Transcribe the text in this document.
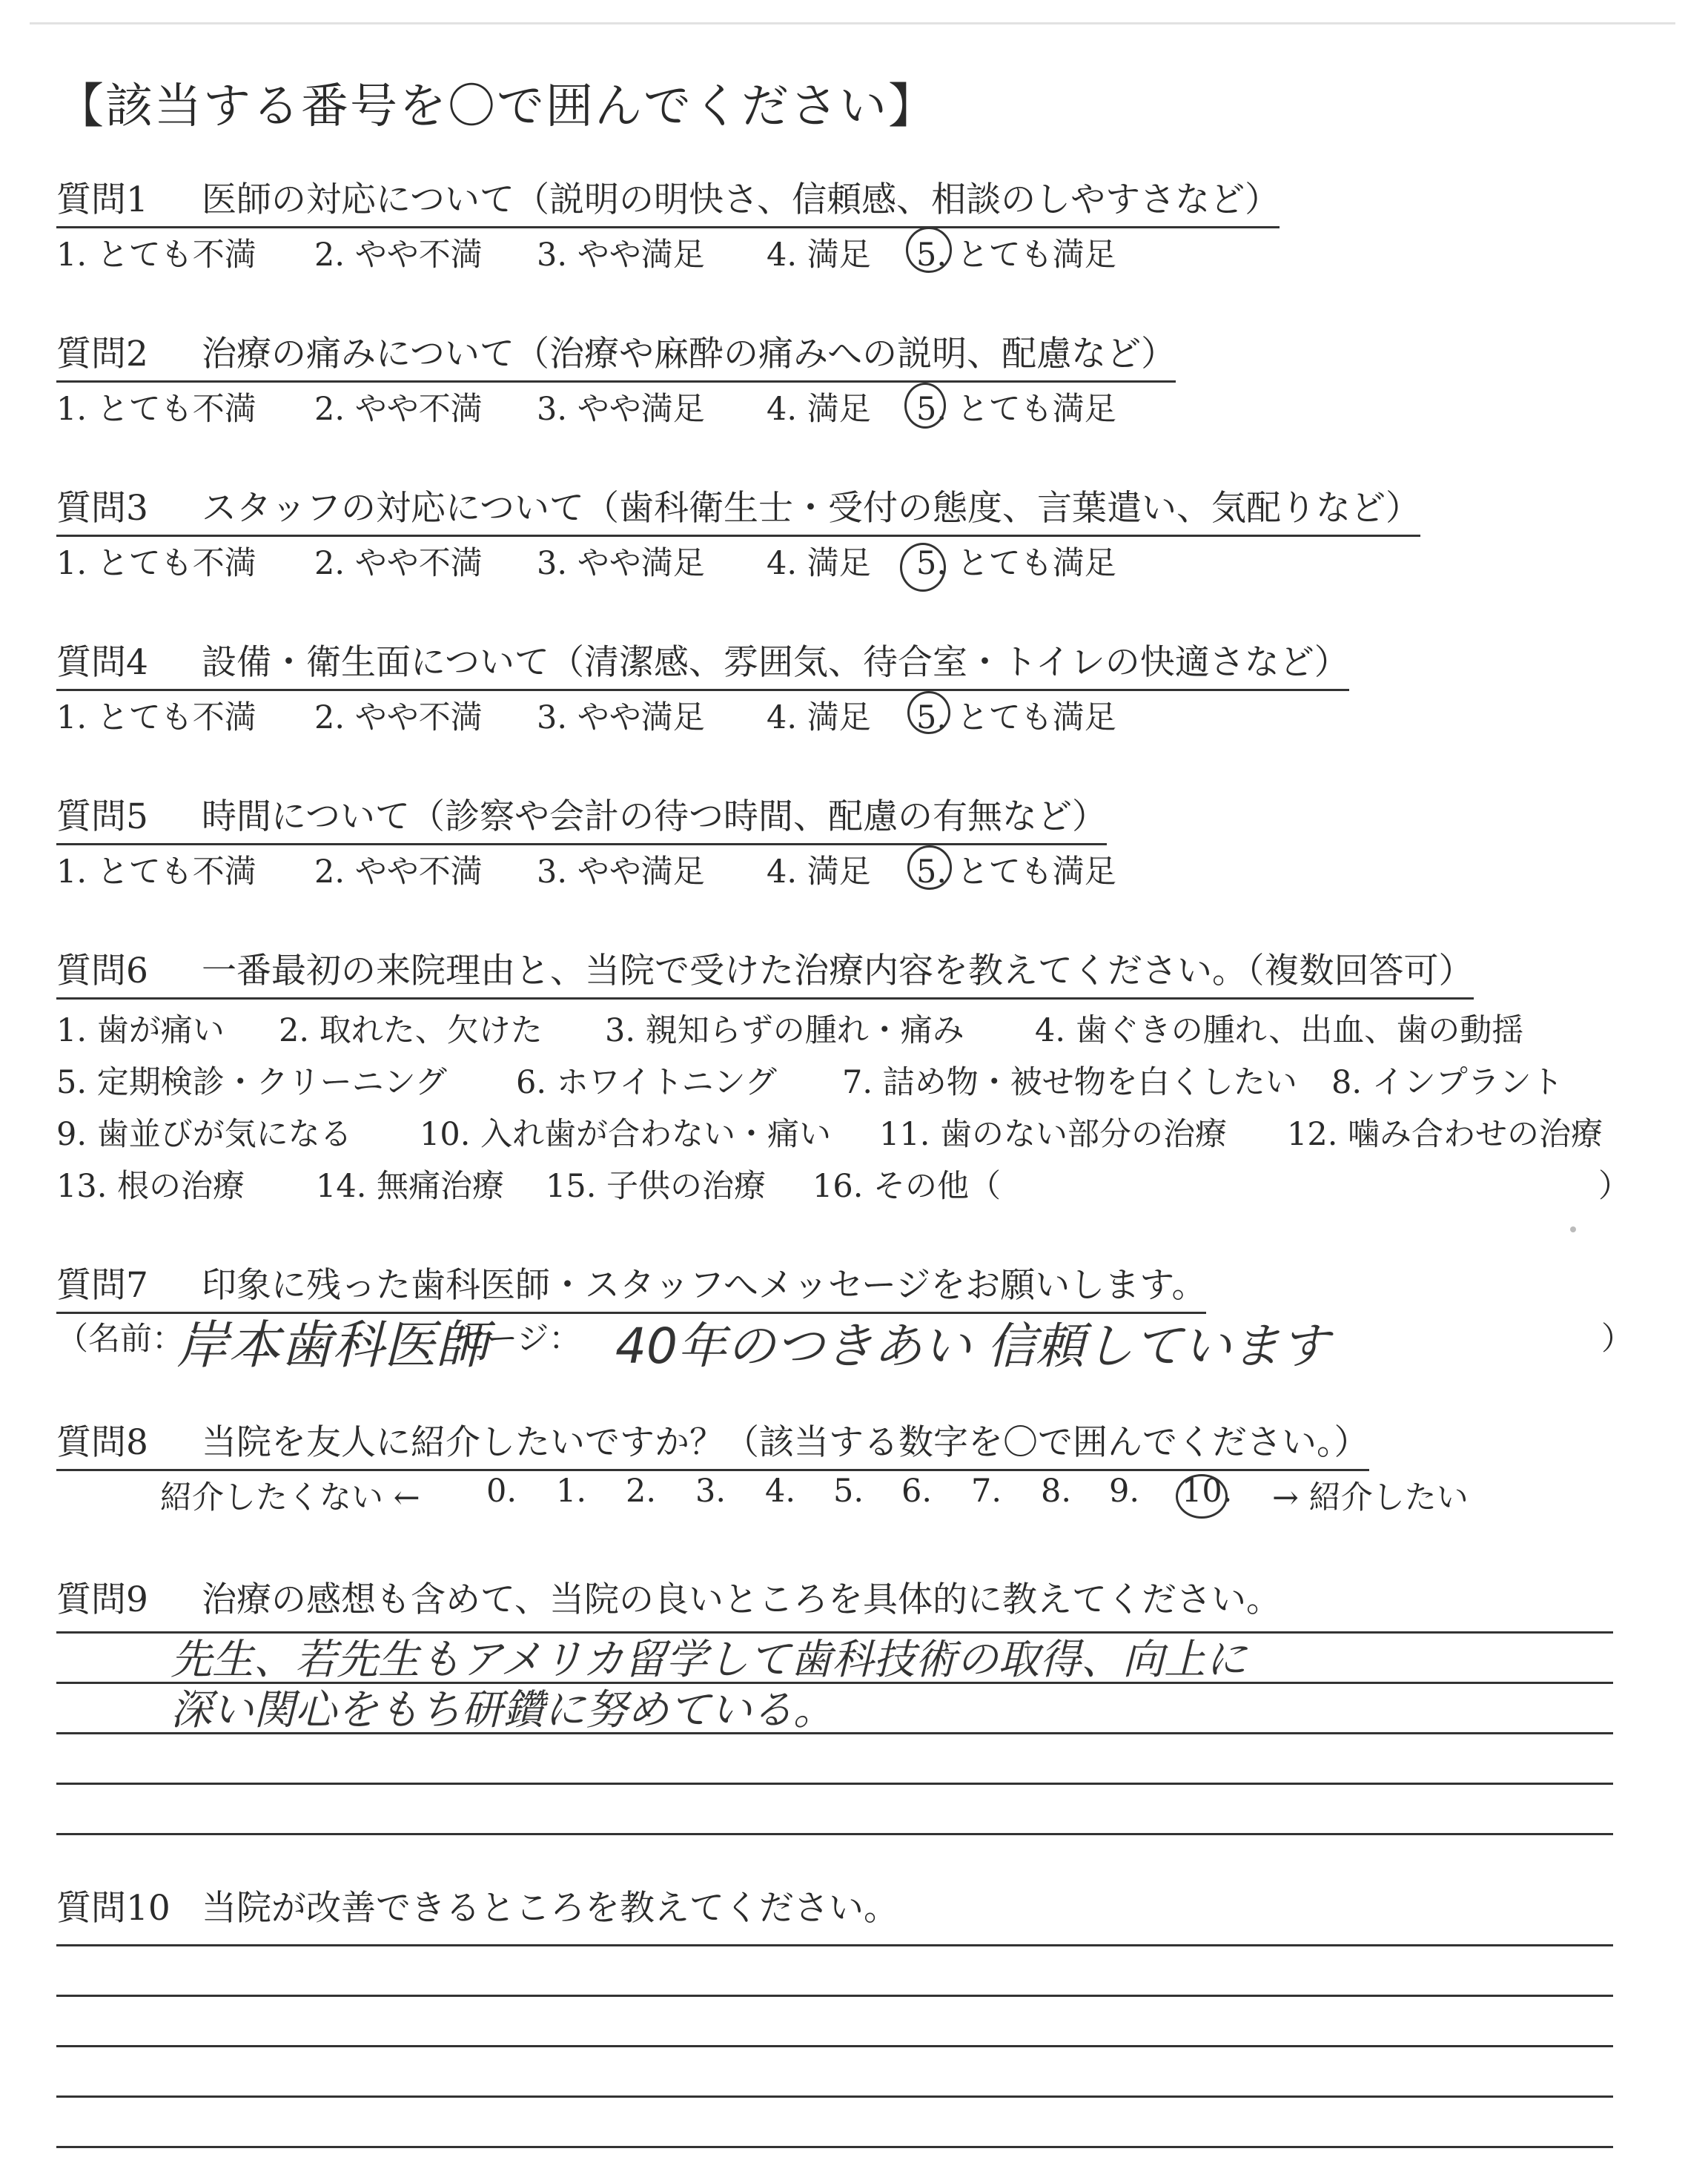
【該当する番号を〇で囲んでください】
質問1 医師の対応について（説明の明快さ、信頼感、相談のしやすさなど）
1. とても不満 2. やや不満 3. やや満足 4. 満足 5. とても満足
質問2 治療の痛みについて（治療や麻酔の痛みへの説明、配慮など）
1. とても不満 2. やや不満 3. やや満足 4. 満足 5. とても満足
質問3 スタッフの対応について（歯科衛生士・受付の態度、言葉遣い、気配りなど）
1. とても不満 2. やや不満 3. やや満足 4. 満足 5. とても満足
質問4 設備・衛生面について（清潔感、雰囲気、待合室・トイレの快適さなど）
1. とても不満 2. やや不満 3. やや満足 4. 満足 5. とても満足
質問5 時間について（診察や会計の待つ時間、配慮の有無など）
1. とても不満 2. やや不満 3. やや満足 4. 満足 5. とても満足
質問6 一番最初の来院理由と、当院で受けた治療内容を教えてください。（複数回答可）
1. 歯が痛い 2. 取れた、欠けた 3. 親知らずの腫れ・痛み 4. 歯ぐきの腫れ、出血、歯の動揺
5. 定期検診・クリーニング 6. ホワイトニング 7. 詰め物・被せ物を白くしたい 8. インプラント
9. 歯並びが気になる 10. 入れ歯が合わない・痛い 11. 歯のない部分の治療 12. 噛み合わせの治療
13. 根の治療 14. 無痛治療 15. 子供の治療 16. その他（	）
質問7 印象に残った歯科医師・スタッフへメッセージをお願いします。
（名前：
岸本歯科医師
セージ： 40年のつきあい 信頼しています	）
質問8 当院を友人に紹介したいですか？（該当する数字を〇で囲んでください。）
紹介したくない ← 0. 1. 2. 3. 4. 5. 6. 7. 8. 9. 10. → 紹介したい
質問9 治療の感想も含めて、当院の良いところを具体的に教えてください。
先生、若先生もアメリカ留学して歯科技術の取得、向上に
深い関心をもち研鑽に努めている。
質問10 当院が改善できるところを教えてください。
